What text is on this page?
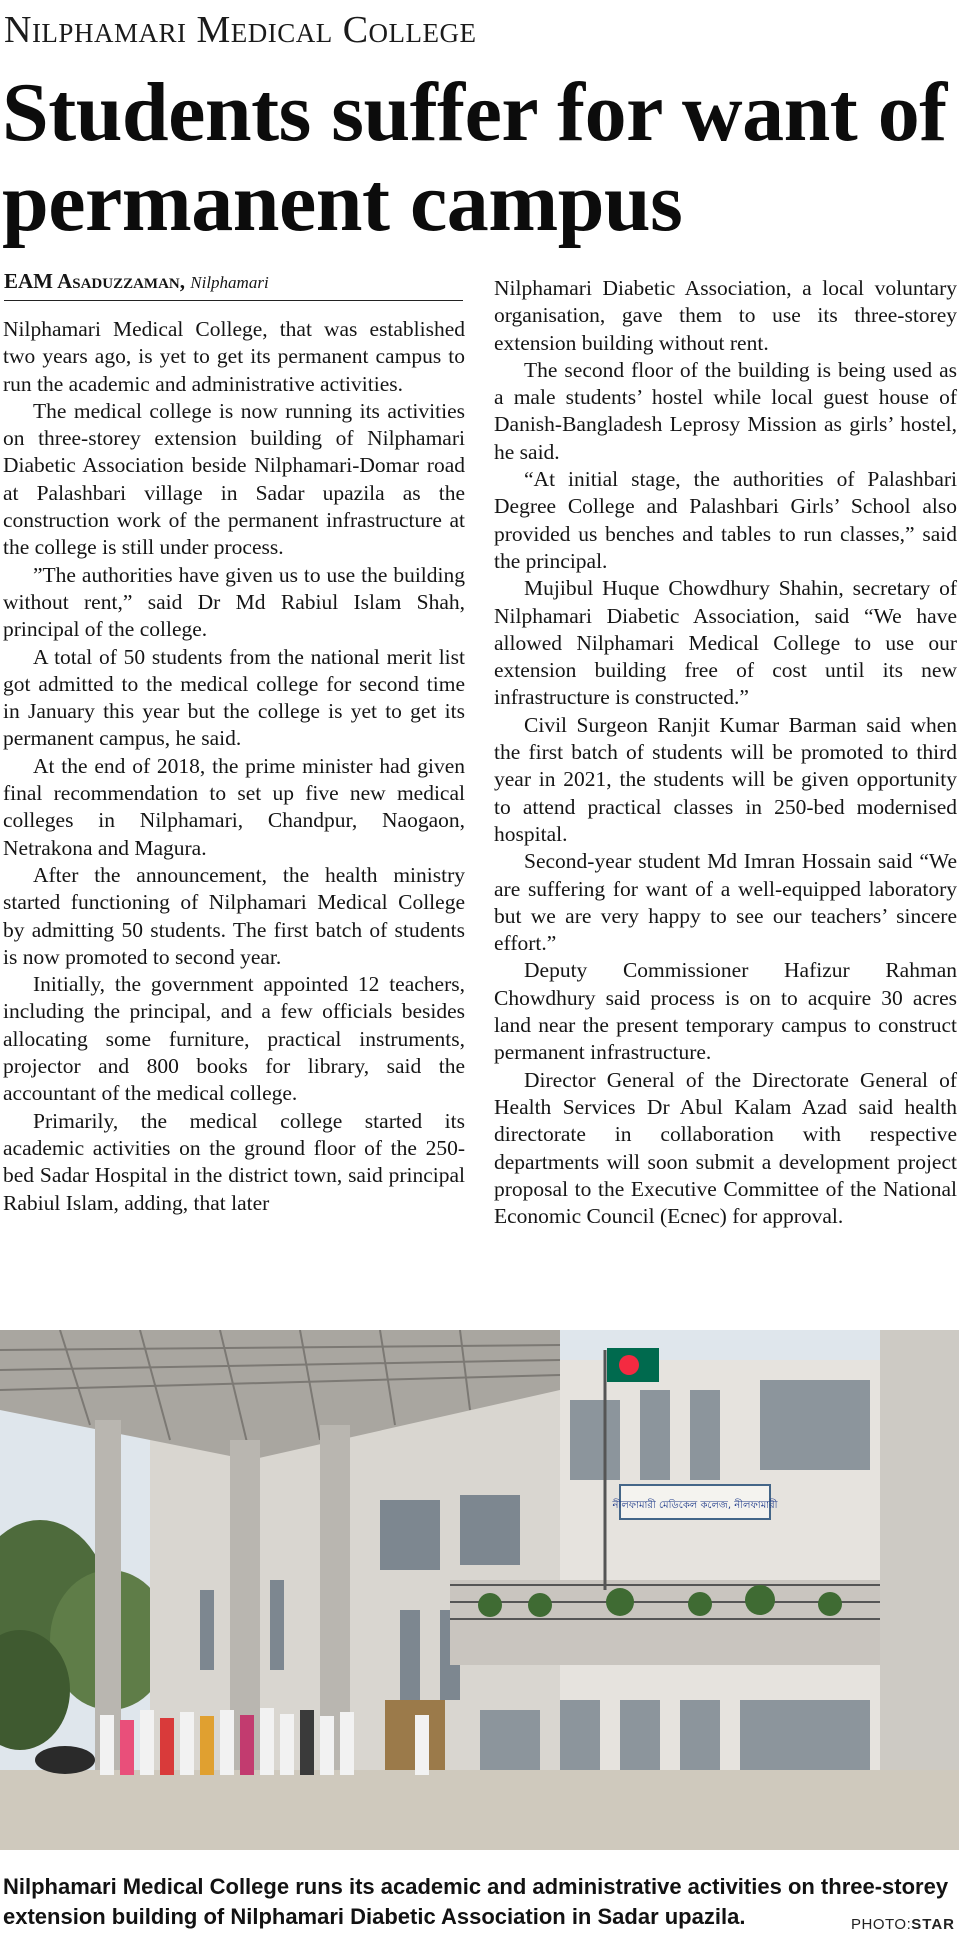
Nilphamari Medical College
Students suffer for want of permanent campus
EAM Asaduzzaman, Nilphamari

Nilphamari Medical College, that was established two years ago, is yet to get its permanent campus to run the academic and administrative activities.

The medical college is now running its activities on three-storey extension building of Nilphamari Diabetic Association beside Nilphamari-Domar road at Palashbari village in Sadar upazila as the construction work of the permanent infrastructure at the college is still under process.

”The authorities have given us to use the building without rent,” said Dr Md Rabiul Islam Shah, principal of the college.

A total of 50 students from the national merit list got admitted to the medical college for second time in January this year but the college is yet to get its permanent campus, he said.

At the end of 2018, the prime minister had given final recommendation to set up five new medical colleges in Nilphamari, Chandpur, Naogaon, Netrakona and Magura.

After the announcement, the health ministry started functioning of Nilphamari Medical College by admitting 50 students. The first batch of students is now promoted to second year.

Initially, the government appointed 12 teachers, including the principal, and a few officials besides allocating some furniture, practical instruments, projector and 800 books for library, said the accountant of the medical college.

Primarily, the medical college started its academic activities on the ground floor of the 250-bed Sadar Hospital in the district town, said principal Rabiul Islam, adding, that later

Nilphamari Diabetic Association, a local voluntary organisation, gave them to use its three-storey extension building without rent.

The second floor of the building is being used as a male students’ hostel while local guest house of Danish-Bangladesh Leprosy Mission as girls’ hostel, he said.

“At initial stage, the authorities of Palashbari Degree College and Palashbari Girls’ School also provided us benches and tables to run classes,” said the principal.

Mujibul Huque Chowdhury Shahin, secretary of Nilphamari Diabetic Association, said “We have allowed Nilphamari Medical College to use our extension building free of cost until its new infrastructure is constructed.”

Civil Surgeon Ranjit Kumar Barman said when the first batch of students will be promoted to third year in 2021, the students will be given opportunity to attend practical classes in 250-bed modernised hospital.

Second-year student Md Imran Hossain said “We are suffering for want of a well-equipped laboratory but we are very happy to see our teachers’ sincere effort.”

Deputy Commissioner Hafizur Rahman Chowdhury said process is on to acquire 30 acres land near the present temporary campus to construct permanent infrastructure.

Director General of the Directorate General of Health Services Dr Abul Kalam Azad said health directorate in collaboration with respective departments will soon submit a development project proposal to the Executive Committee of the National Economic Council (Ecnec) for approval.

নীলফামারী মেডিকেল কলেজ, নীলফামারী
Nilphamari Medical College runs its academic and administrative activities on three-storey extension building of Nilphamari Diabetic Association in Sadar upazila.	PHOTO:STAR
